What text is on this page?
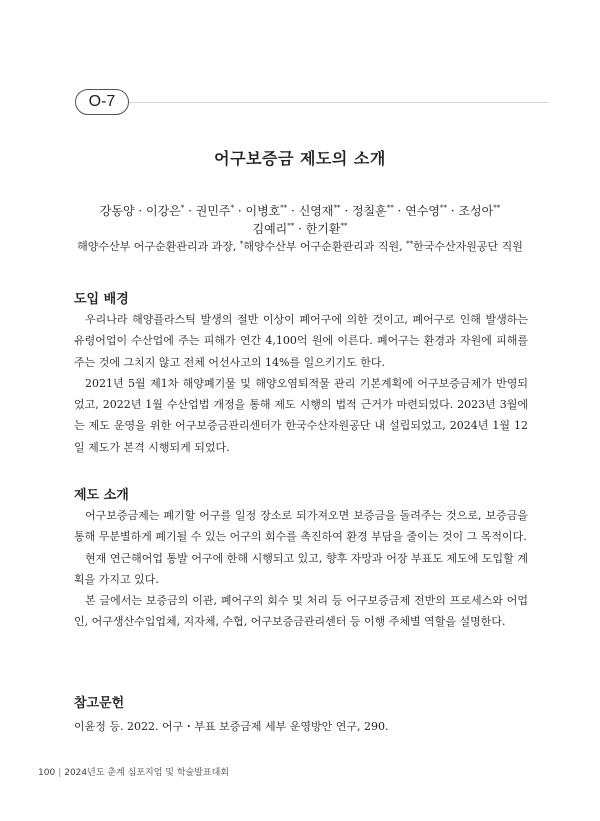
O-7
어구보증금 제도의 소개
강동양 · 이강은* · 권민주* · 이병호** · 신영재** · 정칠훈** · 연수영** · 조성아**
김예리** · 한기환**
해양수산부 어구순환관리과 과장, *해양수산부 어구순환관리과 직원, **한국수산자원공단 직원
도입 배경

우리나라 해양플라스틱 발생의 절반 이상이 폐어구에 의한 것이고, 폐어구로 인해 발생하는 유령어업이 수산업에 주는 피해가 연간 4,100억 원에 이른다. 폐어구는 환경과 자원에 피해를 주는 것에 그치지 않고 전체 어선사고의 14%를 일으키기도 한다.

2021년 5월 제1차 해양폐기물 및 해양오염퇴적물 관리 기본계획에 어구보증금제가 반영되었고, 2022년 1월 수산업법 개정을 통해 제도 시행의 법적 근거가 마련되었다. 2023년 3월에는 제도 운영을 위한 어구보증금관리센터가 한국수산자원공단 내 설립되었고, 2024년 1월 12일 제도가 본격 시행되게 되었다.

제도 소개

어구보증금제는 폐기할 어구를 일정 장소로 되가져오면 보증금을 돌려주는 것으로, 보증금을 통해 무분별하게 폐기될 수 있는 어구의 회수를 촉진하여 환경 부담을 줄이는 것이 그 목적이다.

현재 연근해어업 통발 어구에 한해 시행되고 있고, 향후 자망과 어장 부표도 제도에 도입할 계획을 가지고 있다.

본 글에서는 보증금의 이관, 폐어구의 회수 및 처리 등 어구보증금제 전반의 프로세스와 어업인, 어구생산수입업체, 지자체, 수협, 어구보증금관리센터 등 이행 주체별 역할을 설명한다.

참고문헌
이윤정 등. 2022. 어구・부표 보증금제 세부 운영방안 연구, 290.
100 | 2024년도 춘계 심포지엄 및 학술발표대회
